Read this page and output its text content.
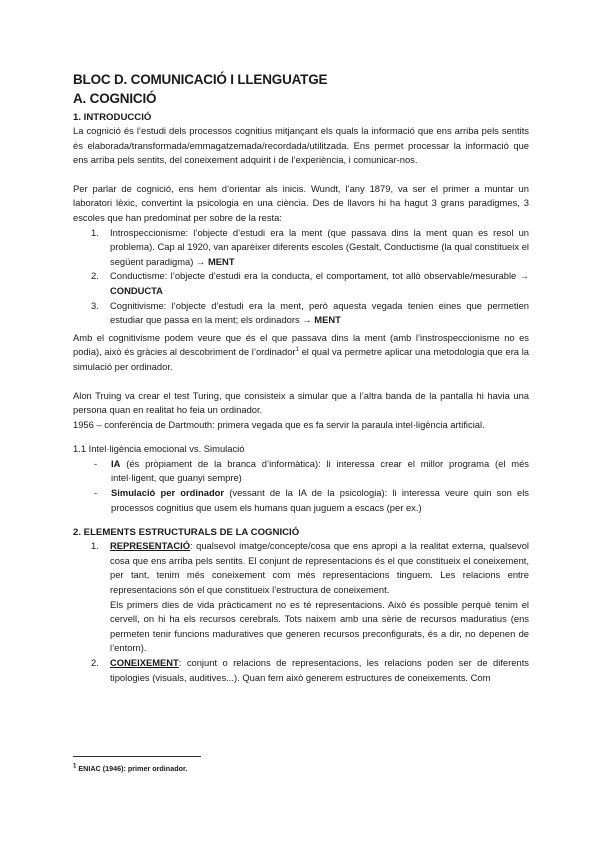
BLOC D. COMUNICACIÓ I LLENGUATGE
A. COGNICIÓ
1. INTRODUCCIÓ

La cognició és l’estudi dels processos cognitius mitjançant els quals la informació que ens arriba pels sentits és elaborada/transformada/emmagatzemada/recordada/utilitzada. Ens permet processar la informació que ens arriba pels sentits, del coneixement adquirit i de l’experiència, i comunicar-nos.

Per parlar de cognició, ens hem d’orientar als inicis. Wundt, l’any 1879, va ser el primer a muntar un laboratori lèxic, convertint la psicologia en una ciència. Des de llavors hi ha hagut 3 grans paradigmes, 3 escoles que han predominat per sobre de la resta:

1. Introspeccionisme: l’objecte d’estudi era la ment (que passava dins la ment quan es resol un problema). Cap al 1920, van aparèixer diferents escoles (Gestalt, Conductisme (la qual constitueix el següent paradigma) → MENT
2. Conductisme: l’objecte d’estudi era la conducta, el comportament, tot allò observable/mesurable → CONDUCTA
3. Cognitivisme: l’objecte d’estudi era la ment, però aquesta vegada tenien eines que permetien estudiar que passa en la ment; els ordinadors → MENT

Amb el cognitivisme podem veure que és el que passava dins la ment (amb l’instrospeccionisme no es podia), això és gràcies al descobriment de l’ordinador$^1$ el qual va permetre aplicar una metodologia que era la simulació per ordinador.

Alon Truing va crear el test Turing, que consisteix a simular que a l’altra banda de la pantalla hi havia una persona quan en realitat ho feia un ordinador.

1956 – conferència de Dartmouth: primera vegada que es fa servir la paraula intel·ligència artificial.

1.1 Intel·ligència emocional vs. Simulació
- IA (és pròpiament de la branca d’informàtica): li interessa crear el millor programa (el més intel·ligent, que guanyi sempre)
- Simulació per ordinador (vessant de la IA de la psicologia): li interessa veure quin son els processos cognitius que usem els humans quan juguem a escacs (per ex.)
2. ELEMENTS ESTRUCTURALS DE LA COGNICIÓ
1. REPRESENTACIÓ: qualsevol imatge/concepte/cosa que ens apropi a la realitat externa, qualsevol cosa que ens arriba pels sentits. El conjunt de representacions és el que constitueix el coneixement, per tant, tenim més coneixement com més representacions tinguem. Les relacions entre representacions són el que constitueix l’estructura de coneixement.
Els primers dies de vida pràcticament no es té representacions. Això és possible perquè tenim el cervell, on hi ha els recursos cerebrals. Tots naixem amb una sèrie de recursos maduratius (ens permeten tenir funcions maduratives que generen recursos preconfigurats, és a dir, no depenen de l’entorn).
2. CONEIXEMENT: conjunt o relacions de representacions, les relacions poden ser de diferents tipologies (visuals, auditives...). Quan fem això generem estructures de coneixements. Com
$^1$ ENIAC (1946): primer ordinador.
